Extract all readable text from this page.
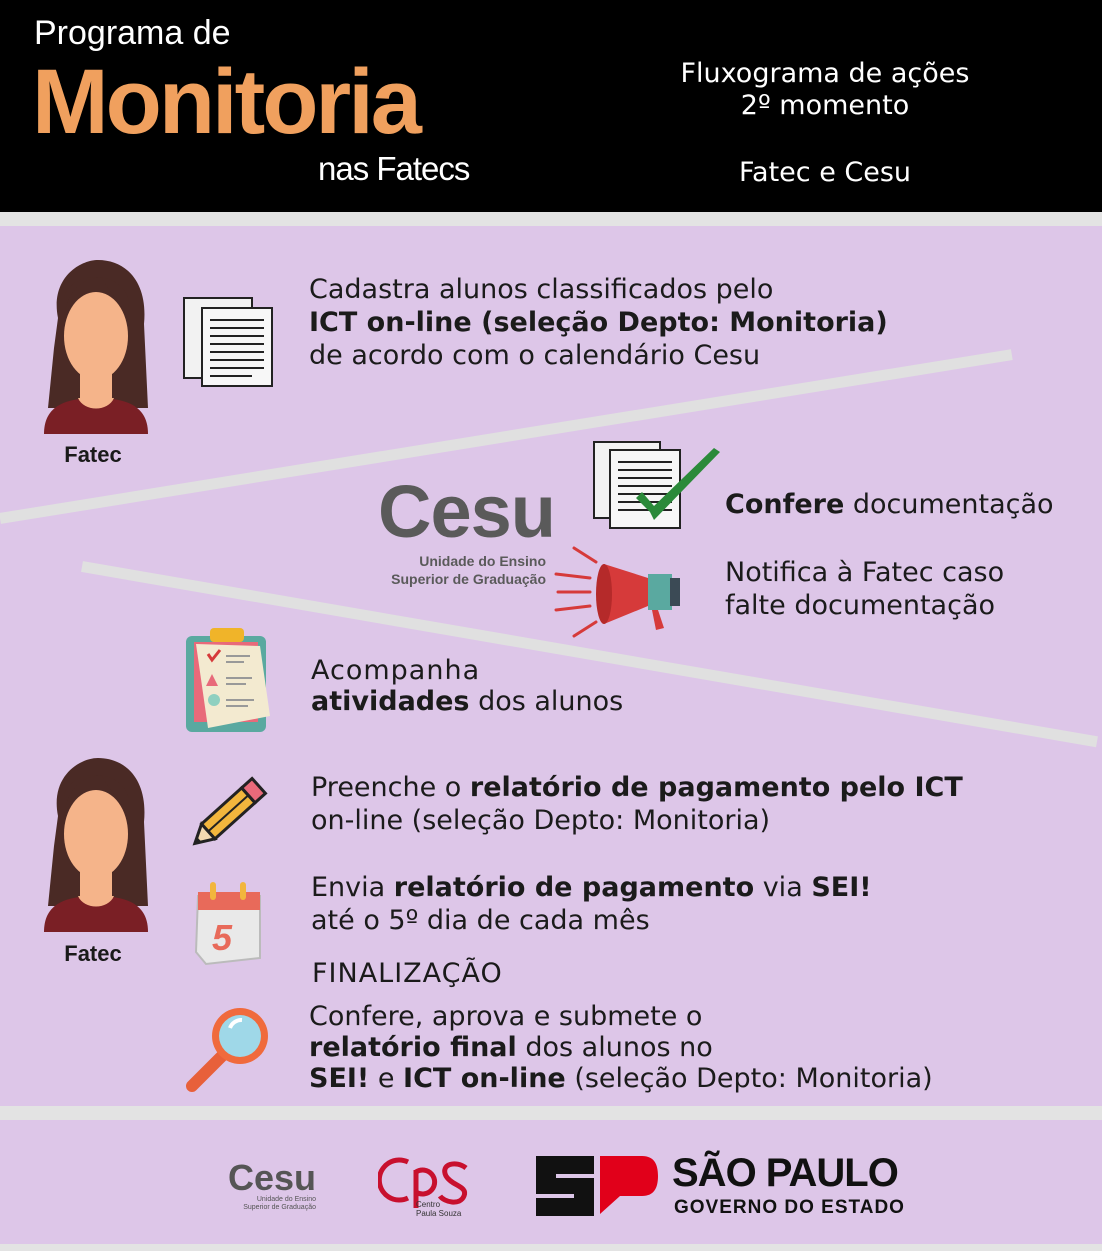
Programa de
Monitoria
nas Fatecs
Fluxograma de ações
2º momento
Fatec e Cesu
Fatec
Cadastra alunos classificados pelo
ICT on-line (seleção Depto: Monitoria)
de acordo com o calendário Cesu
Cesu
Unidade do Ensino
Superior de Graduação
Confere documentação
Notifica à Fatec caso
falte documentação
Acompanha
atividades dos alunos
Fatec
Preenche o relatório de pagamento pelo ICT
on-line (seleção Depto: Monitoria)
5
Envia relatório de pagamento via SEI!
até o 5º dia de cada mês
FINALIZAÇÃO
Confere, aprova e submete o
relatório final dos alunos no
SEI! e ICT on-line (seleção Depto: Monitoria)
Cesu
Unidade do Ensino
Superior de Graduação	Centro
Paula Souza
SÃO PAULO
GOVERNO DO ESTADO
